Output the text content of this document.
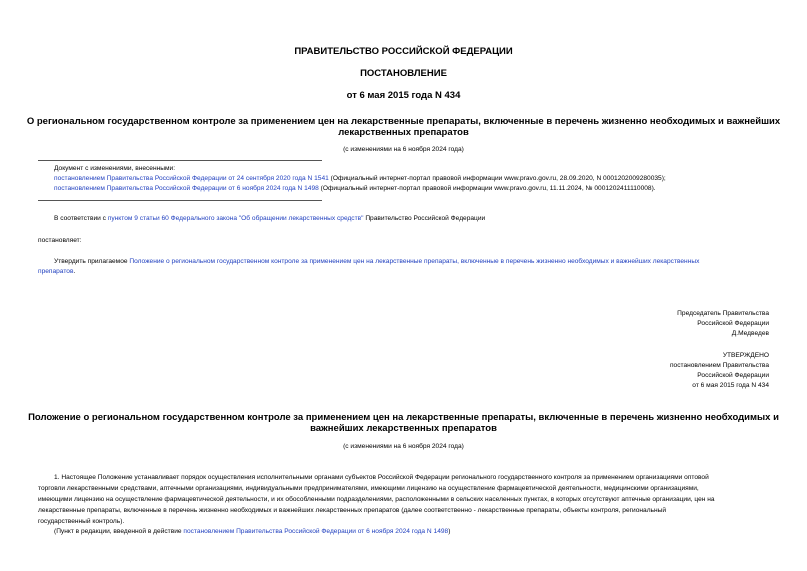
ПРАВИТЕЛЬСТВО РОССИЙСКОЙ ФЕДЕРАЦИИ
ПОСТАНОВЛЕНИЕ
от 6 мая 2015 года N 434
О региональном государственном контроле за применением цен на лекарственные препараты, включенные в перечень жизненно необходимых и важнейших
лекарственных препаратов
(с изменениями на 6 ноября 2024 года)
Документ с изменениями, внесенными:
постановлением Правительства Российской Федерации от 24 сентября 2020 года N 1541 (Официальный интернет-портал правовой информации www.pravo.gov.ru, 28.09.2020, N 0001202009280035);
постановлением Правительства Российской Федерации от 6 ноября 2024 года N 1498 (Официальный интернет-портал правовой информации www.pravo.gov.ru, 11.11.2024, № 0001202411110008).
В соответствии с пунктом 9 статьи 60 Федерального закона "Об обращении лекарственных средств" Правительство Российской Федерации
постановляет:
Утвердить прилагаемое Положение о региональном государственном контроле за применением цен на лекарственные препараты, включенные в перечень жизненно необходимых и важнейших лекарственных
препаратов.
Председатель Правительства
Российской Федерации
Д.Медведев
УТВЕРЖДЕНО
постановлением Правительства
Российской Федерации
от 6 мая 2015 года N 434
Положение о региональном государственном контроле за применением цен на лекарственные препараты, включенные в перечень жизненно необходимых и
важнейших лекарственных препаратов
(с изменениями на 6 ноября 2024 года)
1. Настоящее Положение устанавливает порядок осуществления исполнительными органами субъектов Российской Федерации регионального государственного контроля за применением организациями оптовой
торговли лекарственными средствами, аптечными организациями, индивидуальными предпринимателями, имеющими лицензию на осуществление фармацевтической деятельности, медицинскими организациями,
имеющими лицензию на осуществление фармацевтической деятельности, и их обособленными подразделениями, расположенными в сельских населенных пунктах, в которых отсутствуют аптечные организации, цен на
лекарственные препараты, включенные в перечень жизненно необходимых и важнейших лекарственных препаратов (далее соответственно - лекарственные препараты, объекты контроля, региональный
государственный контроль).
(Пункт в редакции, введенной в действие постановлением Правительства Российской Федерации от 6 ноября 2024 года N 1498)
